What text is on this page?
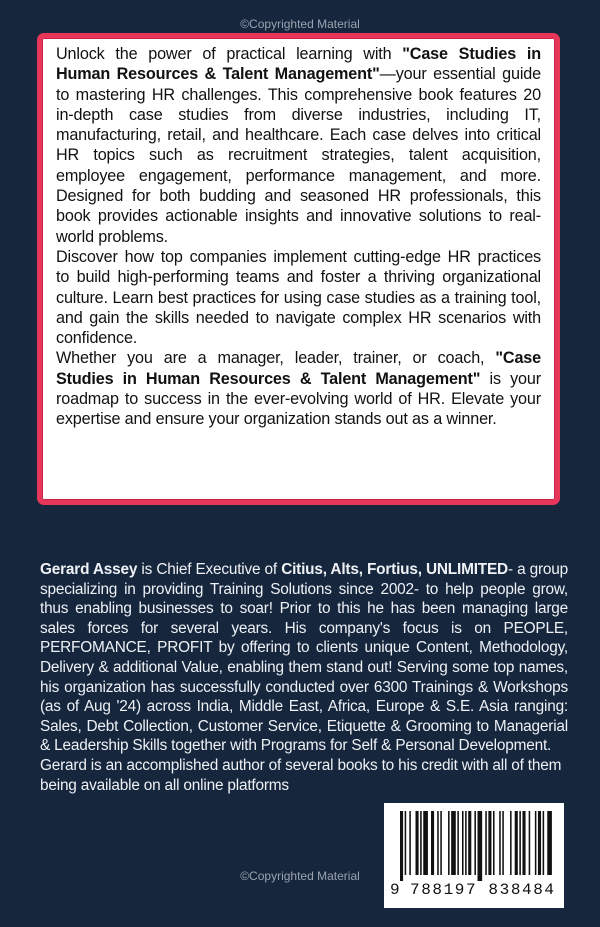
©Copyrighted Material

Unlock the power of practical learning with "Case Studies in Human Resources & Talent Management"—your essential guide to mastering HR challenges. This comprehensive book features 20 in-depth case studies from diverse industries, including IT, manufacturing, retail, and healthcare. Each case delves into critical HR topics such as recruitment strategies, talent acquisition, employee engagement, performance management, and more. Designed for both budding and seasoned HR professionals, this book provides actionable insights and innovative solutions to real-world problems.

Discover how top companies implement cutting-edge HR practices to build high-performing teams and foster a thriving organizational culture. Learn best practices for using case studies as a training tool, and gain the skills needed to navigate complex HR scenarios with confidence.

Whether you are a manager, leader, trainer, or coach, "Case Studies in Human Resources & Talent Management" is your roadmap to success in the ever-evolving world of HR. Elevate your expertise and ensure your organization stands out as a winner.

Gerard Assey is Chief Executive of Citius, Alts, Fortius, UNLIMITED- a group specializing in providing Training Solutions since 2002- to help people grow, thus enabling businesses to soar! Prior to this he has been managing large sales forces for several years. His company's focus is on PEOPLE, PERFOMANCE, PROFIT by offering to clients unique Content, Methodology, Delivery & additional Value, enabling them stand out! Serving some top names, his organization has successfully conducted over 6300 Trainings & Workshops (as of Aug '24) across India, Middle East, Africa, Europe & S.E. Asia ranging: Sales, Debt Collection, Customer Service, Etiquette & Grooming to Managerial & Leadership Skills together with Programs for Self & Personal Development.

Gerard is an accomplished author of several books to his credit with all of them being available on all online platforms

9 788197 838484
©Copyrighted Material
